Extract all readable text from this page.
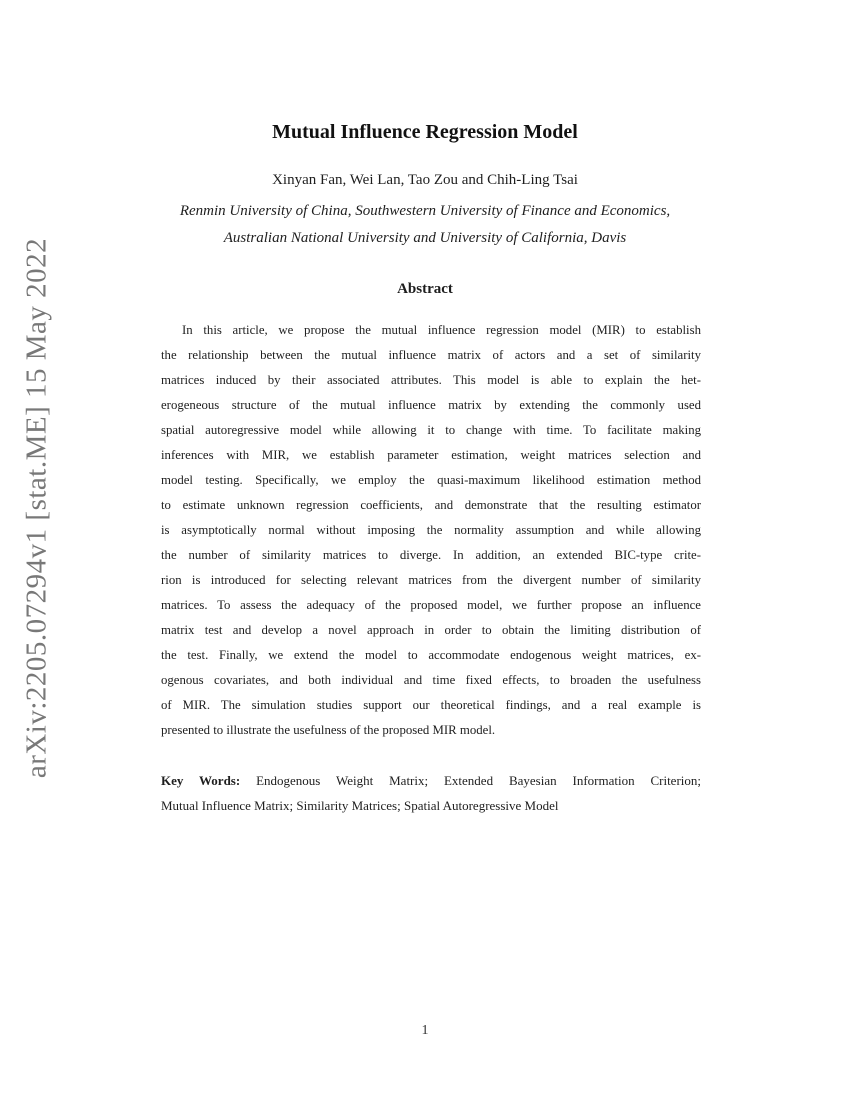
arXiv:2205.07294v1 [stat.ME] 15 May 2022
Mutual Influence Regression Model
Xinyan Fan, Wei Lan, Tao Zou and Chih-Ling Tsai
Renmin University of China, Southwestern University of Finance and Economics,
Australian National University and University of California, Davis
Abstract
In this article, we propose the mutual influence regression model (MIR) to establish
the relationship between the mutual influence matrix of actors and a set of similarity
matrices induced by their associated attributes. This model is able to explain the het-
erogeneous structure of the mutual influence matrix by extending the commonly used
spatial autoregressive model while allowing it to change with time. To facilitate making
inferences with MIR, we establish parameter estimation, weight matrices selection and
model testing. Specifically, we employ the quasi-maximum likelihood estimation method
to estimate unknown regression coefficients, and demonstrate that the resulting estimator
is asymptotically normal without imposing the normality assumption and while allowing
the number of similarity matrices to diverge. In addition, an extended BIC-type crite-
rion is introduced for selecting relevant matrices from the divergent number of similarity
matrices. To assess the adequacy of the proposed model, we further propose an influence
matrix test and develop a novel approach in order to obtain the limiting distribution of
the test. Finally, we extend the model to accommodate endogenous weight matrices, ex-
ogenous covariates, and both individual and time fixed effects, to broaden the usefulness
of MIR. The simulation studies support our theoretical findings, and a real example is
presented to illustrate the usefulness of the proposed MIR model.
Key Words: Endogenous Weight Matrix; Extended Bayesian Information Criterion;
Mutual Influence Matrix; Similarity Matrices; Spatial Autoregressive Model
1
